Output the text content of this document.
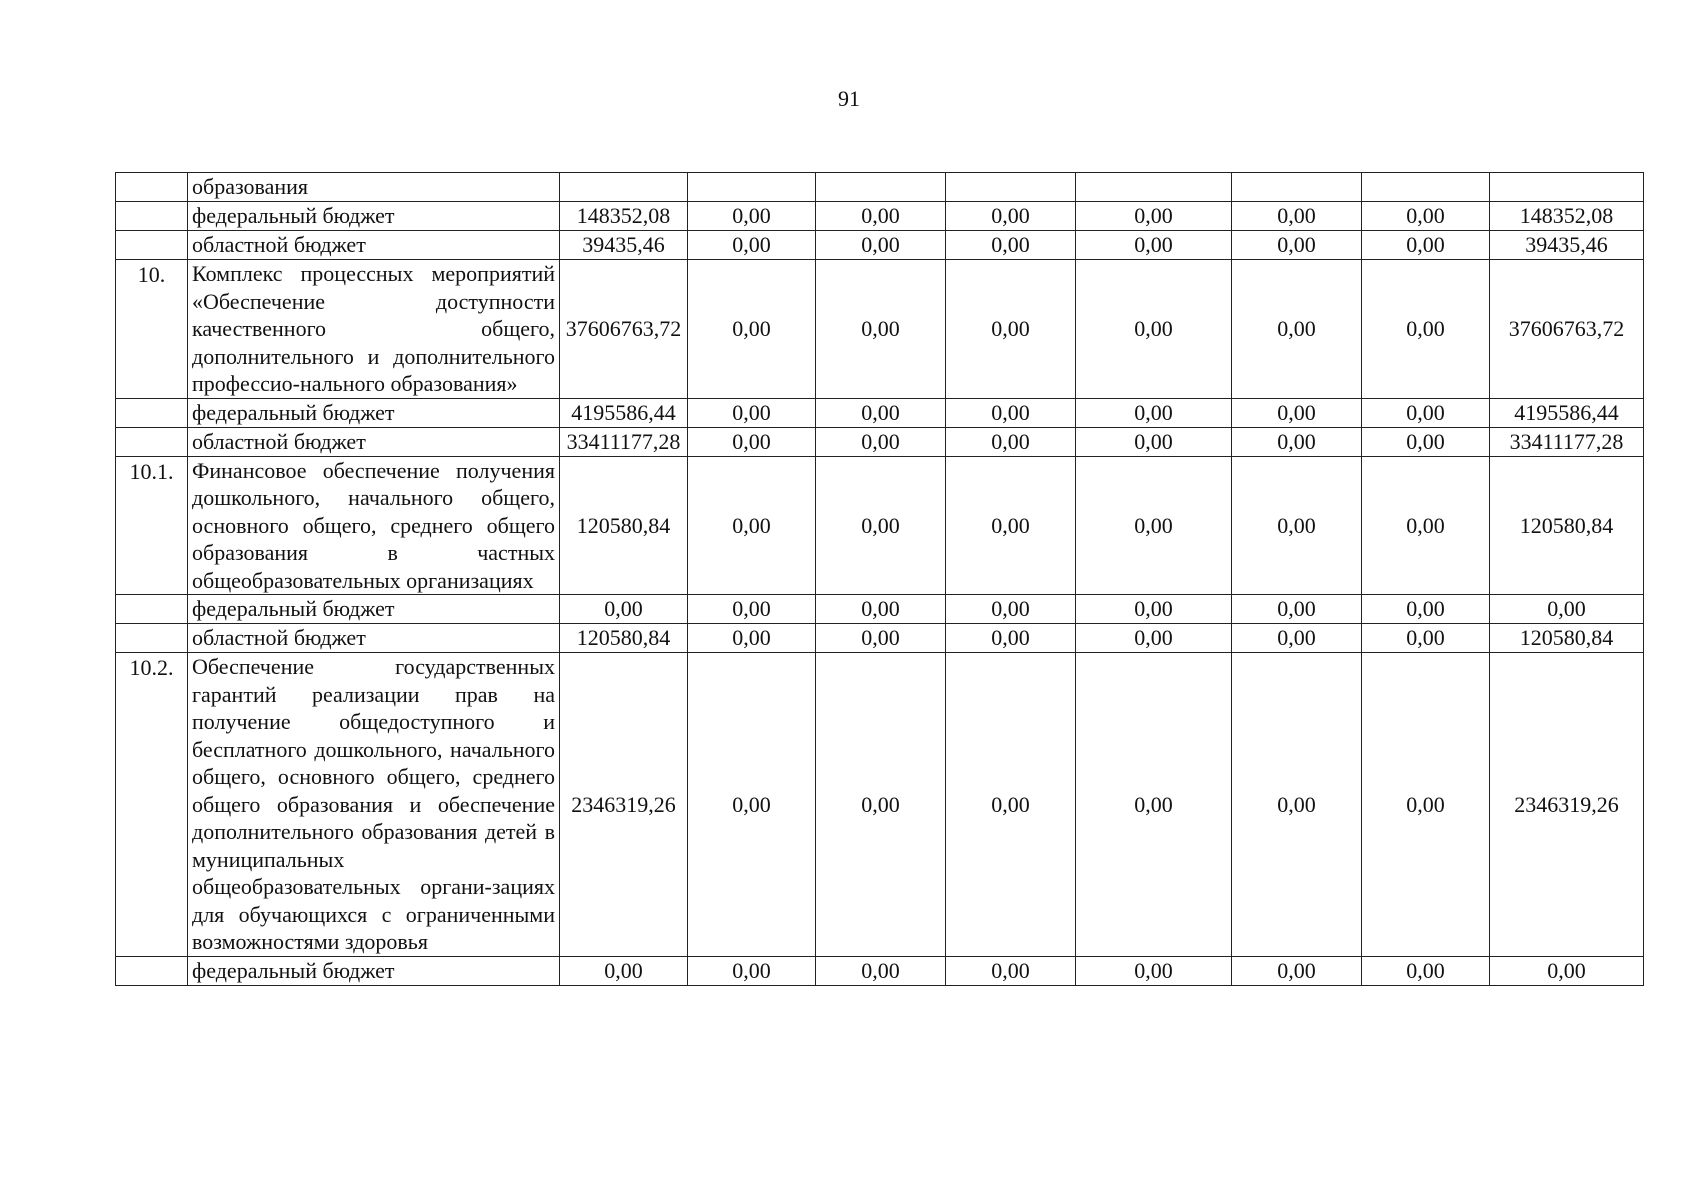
91
	образования								
	федеральный бюджет	148352,08	0,00	0,00	0,00	0,00	0,00	0,00	148352,08
	областной бюджет	39435,46	0,00	0,00	0,00	0,00	0,00	0,00	39435,46
10.	Комплекс процессных мероприятий «Обеспечение доступности качественного общего, дополнительного и дополнительного профессио-нального образования»	37606763,72	0,00	0,00	0,00	0,00	0,00	0,00	37606763,72
	федеральный бюджет	4195586,44	0,00	0,00	0,00	0,00	0,00	0,00	4195586,44
	областной бюджет	33411177,28	0,00	0,00	0,00	0,00	0,00	0,00	33411177,28
10.1.	Финансовое обеспечение получения дошкольного, начального общего, основного общего, среднего общего образования в частных общеобразовательных организациях	120580,84	0,00	0,00	0,00	0,00	0,00	0,00	120580,84
	федеральный бюджет	0,00	0,00	0,00	0,00	0,00	0,00	0,00	0,00
	областной бюджет	120580,84	0,00	0,00	0,00	0,00	0,00	0,00	120580,84
10.2.	Обеспечение государственных гарантий реализации прав на получение общедоступного и бесплатного дошкольного, начального общего, основного общего, среднего общего образования и обеспечение дополнительного образования детей в муниципальных общеобразовательных органи-зациях для обучающихся с ограниченными возможностями здоровья	2346319,26	0,00	0,00	0,00	0,00	0,00	0,00	2346319,26
	федеральный бюджет	0,00	0,00	0,00	0,00	0,00	0,00	0,00	0,00
